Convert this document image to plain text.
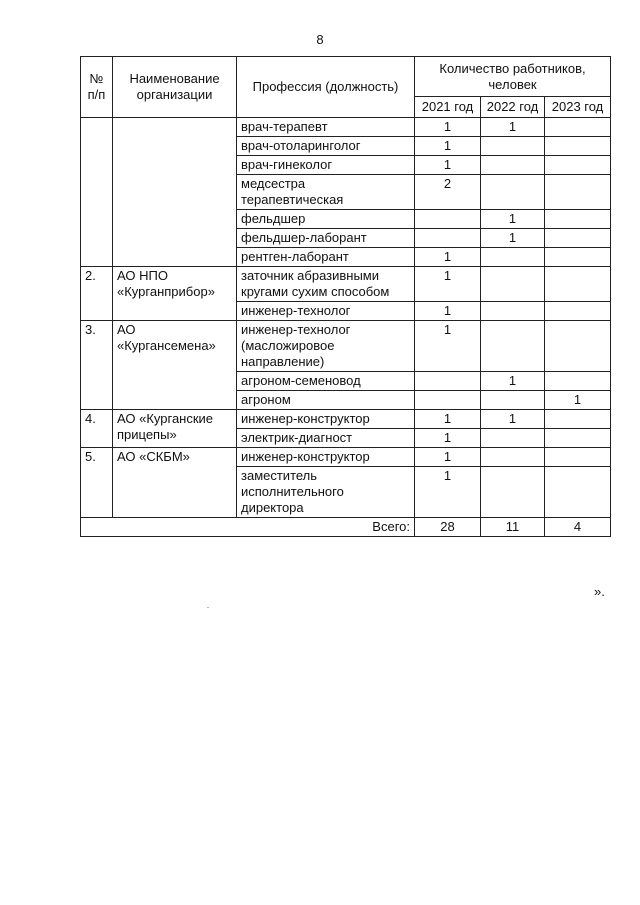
8
№ п/п	Наименование организации	Профессия (должность)	Количество работников, человек		
			2021 год	2022 год	2023 год
		врач-терапевт	1	1	
		врач-отоларинголог	1		
		врач-гинеколог	1		
		медсестра терапевтическая	2		
		фельдшер		1	
		фельдшер-лаборант		1	
		рентген-лаборант	1		
2.	АО НПО «Курганприбор»	заточник абразивными кругами сухим способом	1		
		инженер-технолог	1		
3.	АО «Кургансемена»	инженер-технолог (масложировое направление)	1		
		агроном-семеновод		1	
		агроном			1
4.	АО «Курганские прицепы»	инженер-конструктор	1	1	
		электрик-диагност	1		
5.	АО «СКБМ»	инженер-конструктор	1		
		заместитель исполнительного директора	1		
Всего:			28	11	4
».
